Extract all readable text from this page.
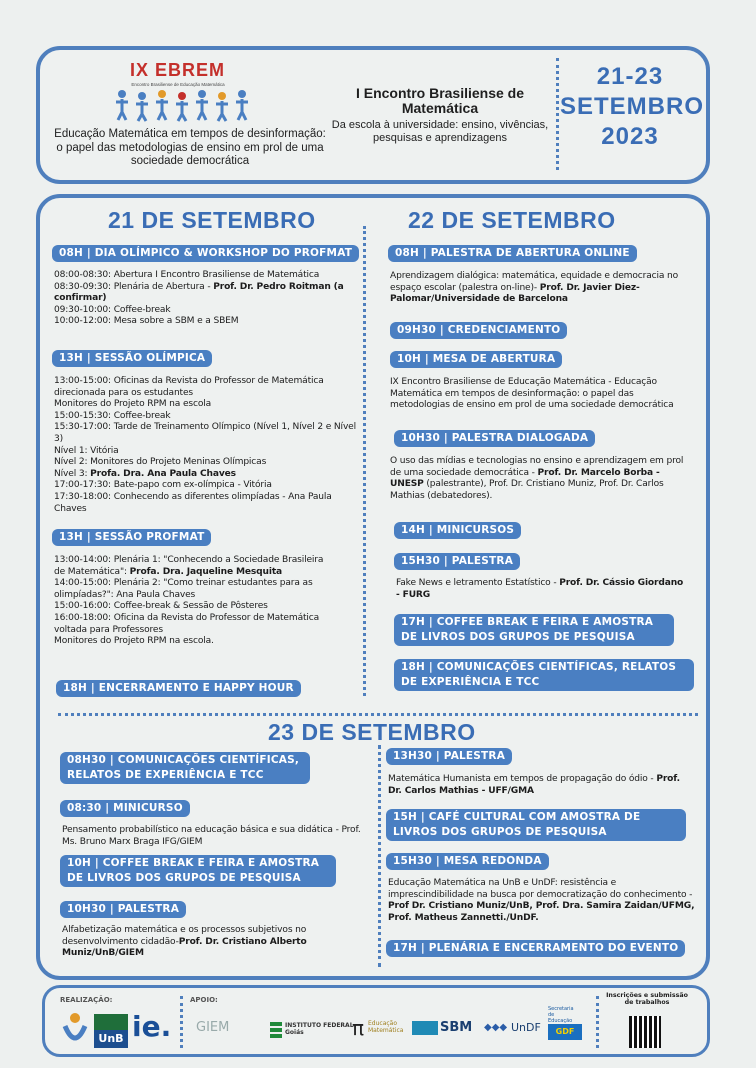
IX EBREM
Encontro Brasiliense de Educação Matemática
Educação Matemática em tempos de desinformação: o papel das metodologias de ensino em prol de uma sociedade democrática
I Encontro Brasiliense de Matemática
Da escola à universidade: ensino, vivências, pesquisas e aprendizagens
21-23
SETEMBRO
2023
21 DE SETEMBRO
08H | DIA OLÍMPICO & WORKSHOP DO PROFMAT

08:00-08:30: Abertura I Encontro Brasiliense de Matemática

08:30-09:30: Plenária de Abertura - Prof. Dr. Pedro Roitman (a confirmar)

09:30-10:00: Coffee-break

10:00-12:00: Mesa sobre a SBM e a SBEM

13H | SESSÃO OLÍMPICA

13:00-15:00: Oficinas da Revista do Professor de Matemática direcionada para os estudantes

Monitores do Projeto RPM na escola

15:00-15:30: Coffee-break

15:30-17:00: Tarde de Treinamento Olímpico (Nível 1, Nível 2 e Nível 3)

Nível 1: Vitória

Nível 2: Monitores do Projeto Meninas Olímpicas

Nível 3: Profa. Dra. Ana Paula Chaves

17:00-17:30: Bate-papo com ex-olímpica - Vitória

17:30-18:00: Conhecendo as diferentes olimpíadas - Ana Paula Chaves

13H | SESSÃO PROFMAT

13:00-14:00: Plenária 1: "Conhecendo a Sociedade Brasileira de Matemática": Profa. Dra. Jaqueline Mesquita

14:00-15:00: Plenária 2: "Como treinar estudantes para as olimpíadas?": Ana Paula Chaves

15:00-16:00: Coffee-break & Sessão de Pôsteres

16:00-18:00: Oficina da Revista do Professor de Matemática voltada para Professores

Monitores do Projeto RPM na escola.

18H | ENCERRAMENTO E HAPPY HOUR
22 DE SETEMBRO
08H | PALESTRA DE ABERTURA ONLINE

Aprendizagem dialógica: matemática, equidade e democracia no espaço escolar (palestra on-line)- Prof. Dr. Javier Diez-Palomar/Universidade de Barcelona

09H30 | CREDENCIAMENTO
10H | MESA DE ABERTURA

IX Encontro Brasiliense de Educação Matemática - Educação Matemática em tempos de desinformação: o papel das metodologias de ensino em prol de uma sociedade democrática

10H30 | PALESTRA DIALOGADA

O uso das mídias e tecnologias no ensino e aprendizagem em prol de uma sociedade democrática - Prof. Dr. Marcelo Borba -UNESP (palestrante), Prof. Dr. Cristiano Muniz, Prof. Dr. Carlos Mathias (debatedores).

14H | MINICURSOS
15H30 | PALESTRA

Fake News e letramento Estatístico - Prof. Dr. Cássio Giordano - FURG

17H | COFFEE BREAK E FEIRA E AMOSTRA DE LIVROS DOS GRUPOS DE PESQUISA
18H | COMUNICAÇÕES CIENTÍFICAS, RELATOS DE EXPERIÊNCIA E TCC
23 DE SETEMBRO
08H30 | COMUNICAÇÕES CIENTÍFICAS, RELATOS DE EXPERIÊNCIA E TCC
08:30 | MINICURSO

Pensamento probabilístico na educação básica e sua didática - Prof. Ms. Bruno Marx Braga IFG/GIEM

10H | COFFEE BREAK E FEIRA E AMOSTRA DE LIVROS DOS GRUPOS DE PESQUISA
10H30 | PALESTRA

Alfabetização matemática e os processos subjetivos no desenvolvimento cidadão-Prof. Dr. Cristiano Alberto Muniz/UnB/GIEM

13H30 | PALESTRA

Matemática Humanista em tempos de propagação do ódio - Prof. Dr. Carlos Mathias - UFF/GMA

15H | CAFÉ CULTURAL COM AMOSTRA DE LIVROS DOS GRUPOS DE PESQUISA
15H30 | MESA REDONDA

Educação Matemática na UnB e UnDF: resistência e imprescindibilidade na busca por democratização do conhecimento - Prof Dr. Cristiano Muniz/UnB, Prof. Dra. Samira Zaidan/UFMG, Prof. Matheus Zannetti./UnDF.

17H | PLENÁRIA E ENCERRAMENTO DO EVENTO
REALIZAÇÃO:	APOIO:
UnB ie. GIEM	INSTITUTO FEDERAL
Goiás	π Educação Matemática	SBM ◆◆◆ UnDF
Secretaria de Educação
GDF
Inscrições e submissão de trabalhos
